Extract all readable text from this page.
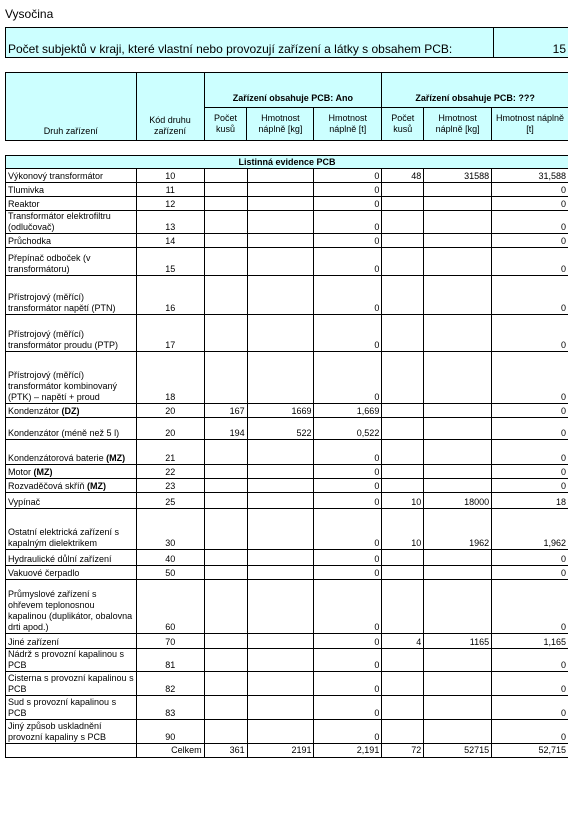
Vysočina
Počet subjektů v kraji, které vlastní nebo provozují zařízení a látky s obsahem PCB:	15
Druh zařízení	Kód druhu zařízení	Zařízení obsahuje PCB: Ano			Zařízení obsahuje PCB: ???		
		Počet kusů	Hmotnost náplně [kg]	Hmotnost náplně [t]	Počet kusů	Hmotnost náplně [kg]	Hmotnost náplně [t]
Listinná evidence PCB							
Výkonový transformátor	10			0	48	31588	31,588
Tlumivka	11			0			0
Reaktor	12			0			0
Transformátor elektrofiltru (odlučovač)	13			0			0
Průchodka	14			0			0
Přepínač odboček (v transformátoru)	15			0			0
Přístrojový (měřící) transformátor napětí (PTN)	16			0			0
Přístrojový (měřící) transformátor proudu (PTP)	17			0			0
Přístrojový (měřící) transformátor kombinovaný (PTK) – napětí + proud	18			0			0
Kondenzátor (DZ)	20	167	1669	1,669			0
Kondenzátor (méně než 5 l)	20	194	522	0,522			0
Kondenzátorová baterie (MZ)	21			0			0
Motor (MZ)	22			0			0
Rozvaděčová skříň (MZ)	23			0			0
Vypínač	25			0	10	18000	18
Ostatní elektrická zařízení s kapalným dielektrikem	30			0	10	1962	1,962
Hydraulické důlní zařízení	40			0			0
Vakuové čerpadlo	50			0			0
Průmyslové zařízení s ohřevem teplonosnou kapalinou (duplikátor, obalovna drti apod.)	60			0			0
Jiné zařízení	70			0	4	1165	1,165
Nádrž s provozní kapalinou s PCB	81			0			0
Cisterna s provozní kapalinou s PCB	82			0			0
Sud s provozní kapalinou s PCB	83			0			0
Jiný způsob uskladnění provozní kapaliny s PCB	90			0			0
	Celkem	361	2191	2,191	72	52715	52,715
